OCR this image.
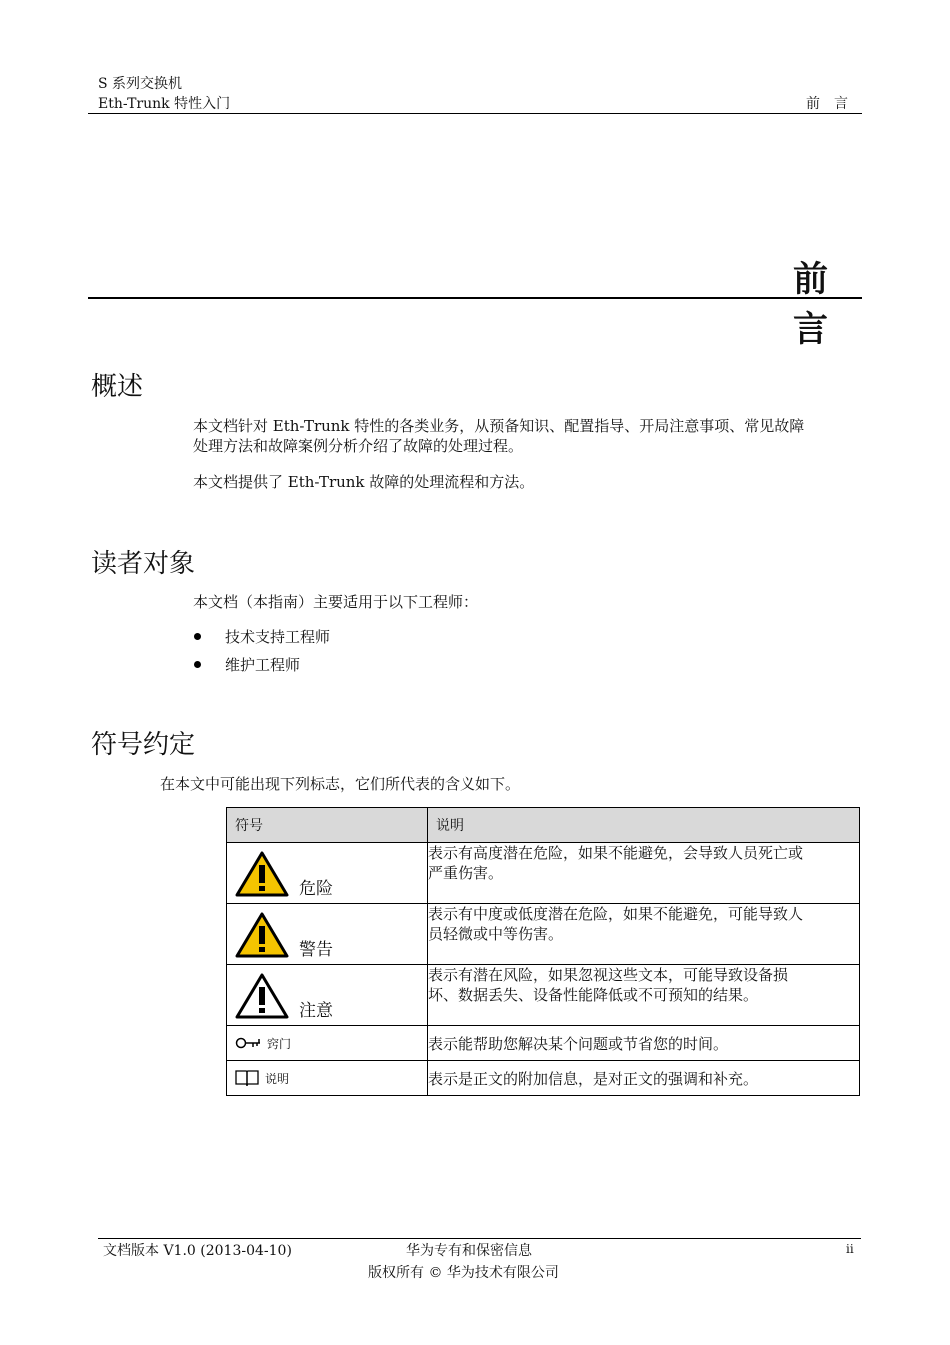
S 系列交换机
Eth-Trunk 特性入门	前言
前言
概述
本文档针对 Eth-Trunk 特性的各类业务，从预备知识、配置指导、开局注意事项、常见故障
处理方法和故障案例分析介绍了故障的处理过程。
本文档提供了 Eth-Trunk 故障的处理流程和方法。
读者对象
本文档（本指南）主要适用于以下工程师：
技术支持工程师
维护工程师
符号约定
在本文中可能出现下列标志，它们所代表的含义如下。
符号	说明

危险	表示有高度潜在危险，如果不能避免，会导致人员死亡或
严重伤害。

警告	表示有中度或低度潜在危险，如果不能避免，可能导致人
员轻微或中等伤害。

注意	表示有潜在风险，如果忽视这些文本，可能导致设备损
坏、数据丢失、设备性能降低或不可预知的结果。

窍门	表示能帮助您解决某个问题或节省您的时间。

说明	表示是正文的附加信息，是对正文的强调和补充。
文档版本 V1.0 (2013-04-10)	华为专有和保密信息
版权所有 © 华为技术有限公司
ii
